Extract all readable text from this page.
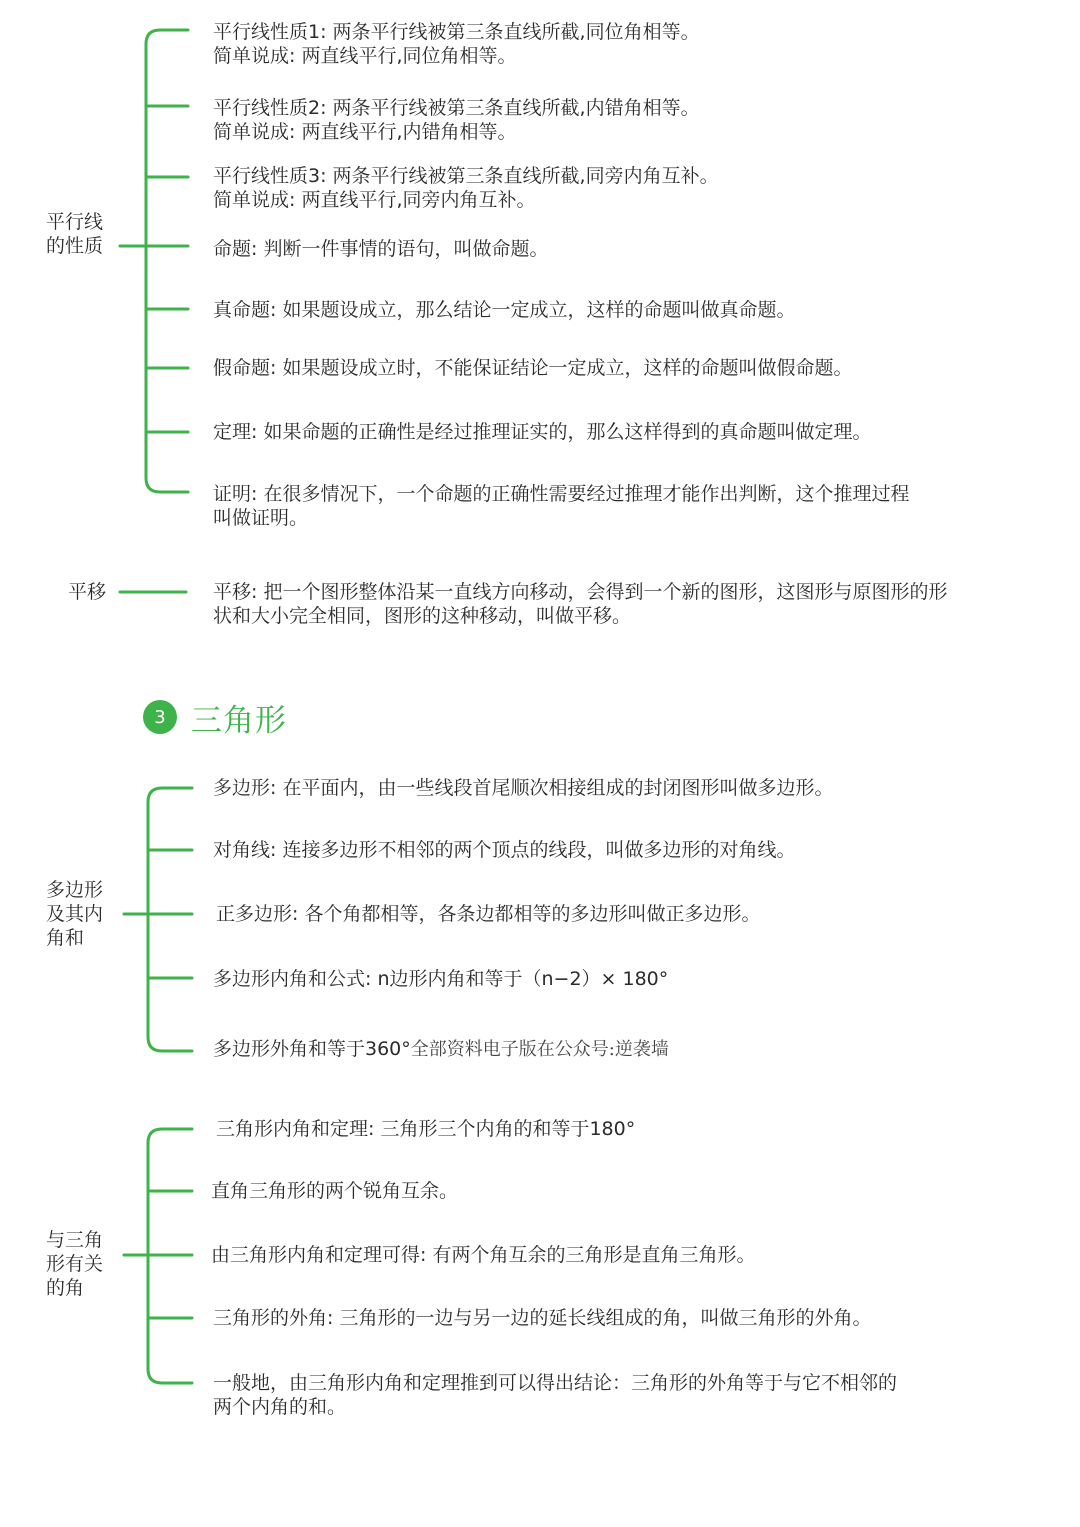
平行线
的性质
平行线性质1: 两条平行线被第三条直线所截,同位角相等。
简单说成: 两直线平行,同位角相等。
平行线性质2: 两条平行线被第三条直线所截,内错角相等。
简单说成: 两直线平行,内错角相等。
平行线性质3: 两条平行线被第三条直线所截,同旁内角互补。
简单说成: 两直线平行,同旁内角互补。
命题: 判断一件事情的语句，叫做命题。
真命题: 如果题设成立，那么结论一定成立，这样的命题叫做真命题。
假命题: 如果题设成立时，不能保证结论一定成立，这样的命题叫做假命题。
定理: 如果命题的正确性是经过推理证实的，那么这样得到的真命题叫做定理。
证明: 在很多情况下，一个命题的正确性需要经过推理才能作出判断，这个推理过程
叫做证明。
平移	平移: 把一个图形整体沿某一直线方向移动，会得到一个新的图形，这图形与原图形的形
状和大小完全相同，图形的这种移动，叫做平移。
3 三角形
多边形
及其内
角和
多边形: 在平面内，由一些线段首尾顺次相接组成的封闭图形叫做多边形。
对角线: 连接多边形不相邻的两个顶点的线段，叫做多边形的对角线。
正多边形: 各个角都相等，各条边都相等的多边形叫做正多边形。
多边形内角和公式: n边形内角和等于（n−2）× 180°
多边形外角和等于360°全部资料电子版在公众号:逆袭墙
与三角
形有关
的角
三角形内角和定理: 三角形三个内角的和等于180°
直角三角形的两个锐角互余。
由三角形内角和定理可得: 有两个角互余的三角形是直角三角形。
三角形的外角: 三角形的一边与另一边的延长线组成的角，叫做三角形的外角。
一般地，由三角形内角和定理推到可以得出结论：三角形的外角等于与它不相邻的
两个内角的和。
